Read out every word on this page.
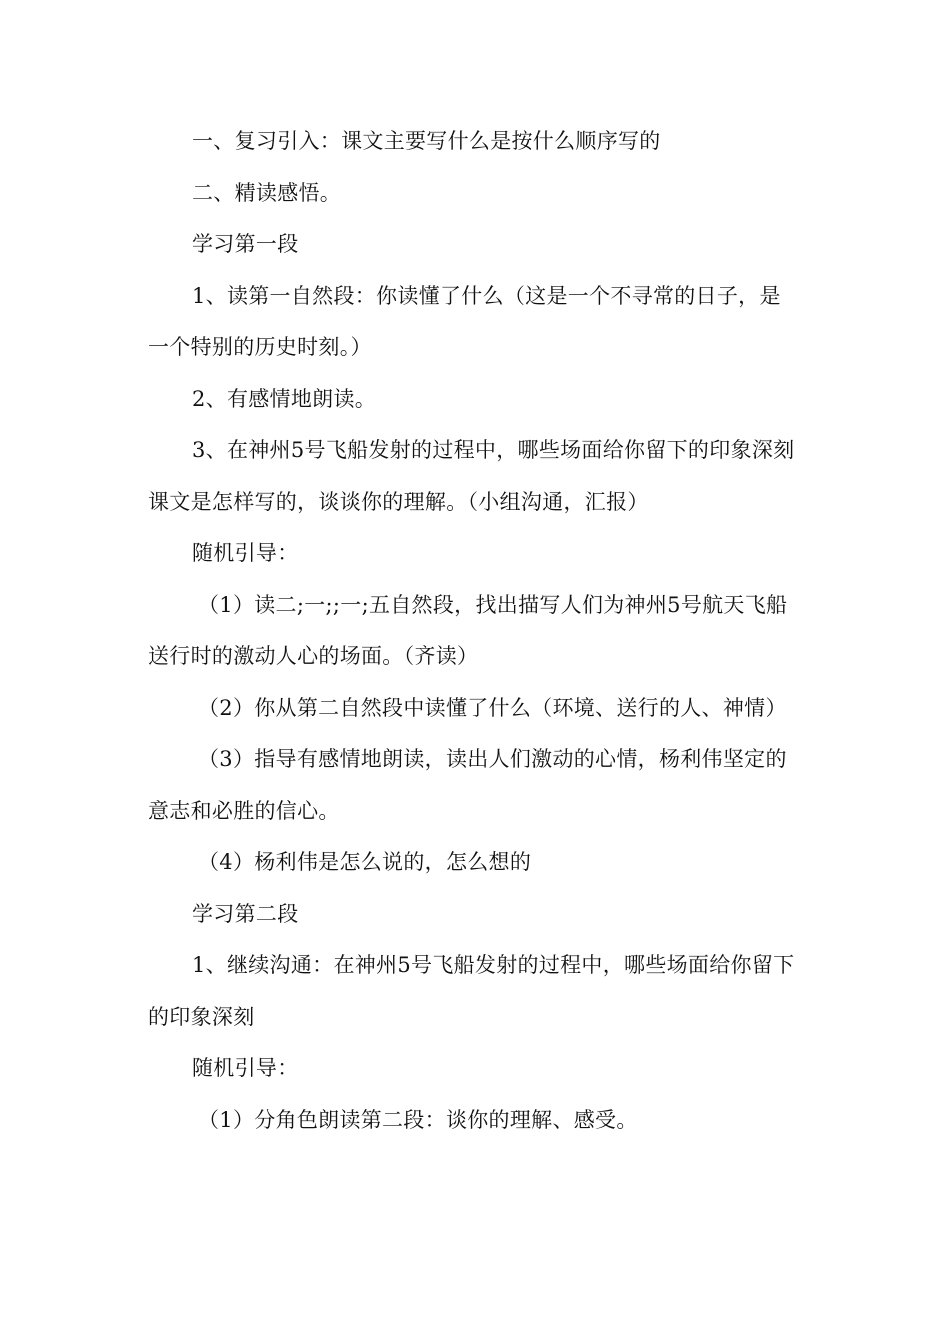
一、复习引入：课文主要写什么是按什么顺序写的

二、精读感悟。

学习第一段

1、读第一自然段：你读懂了什么（这是一个不寻常的日子，是一个特别的历史时刻。）

2、有感情地朗读。

3、在神州5号飞船发射的过程中，哪些场面给你留下的印象深刻课文是怎样写的，谈谈你的理解。（小组沟通，汇报）

随机引导：

（1）读二;一;;一;五自然段，找出描写人们为神州5号航天飞船送行时的激动人心的场面。（齐读）

（2）你从第二自然段中读懂了什么（环境、送行的人、神情）

（3）指导有感情地朗读，读出人们激动的心情，杨利伟坚定的意志和必胜的信心。

（4）杨利伟是怎么说的，怎么想的

学习第二段

1、继续沟通：在神州5号飞船发射的过程中，哪些场面给你留下的印象深刻

随机引导：

（1）分角色朗读第二段：谈你的理解、感受。
